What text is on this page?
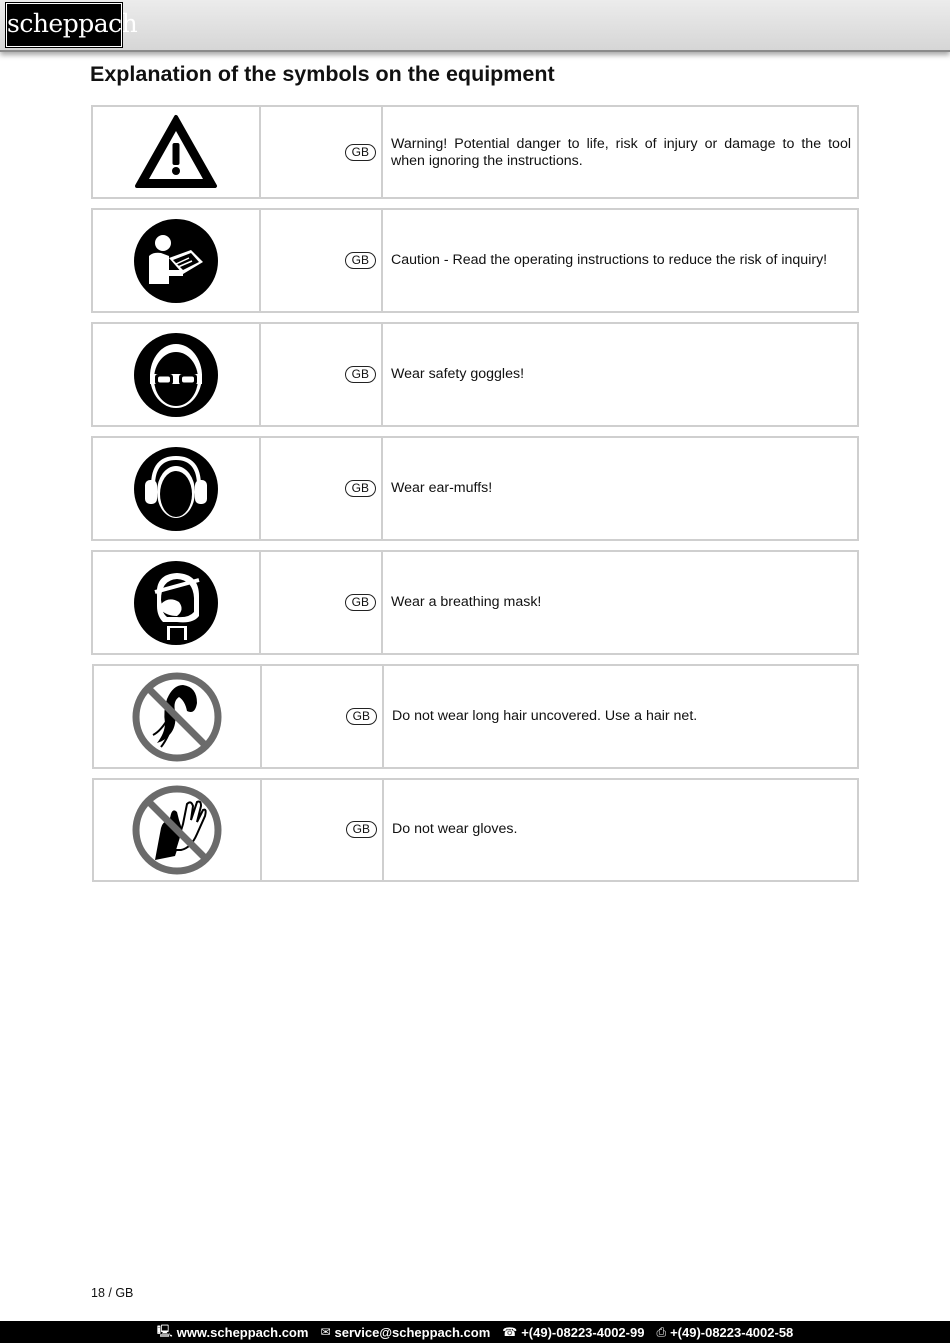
scheppach
Explanation of the symbols on the equipment
GB	Warning! Potential danger to life, risk of injury or damage to the tool when ignoring the instructions.
GB	Caution - Read the operating instructions to reduce the risk of inquiry!
GB	Wear safety goggles!
GB	Wear ear-muffs!
GB	Wear a breathing mask!
GB	Do not wear long hair uncovered. Use a hair net.
GB	Do not wear gloves.
18 / GB
🖳 www.scheppach.com ✉ service@scheppach.com ☎ +(49)-08223-4002-99 ⎙ +(49)-08223-4002-58
